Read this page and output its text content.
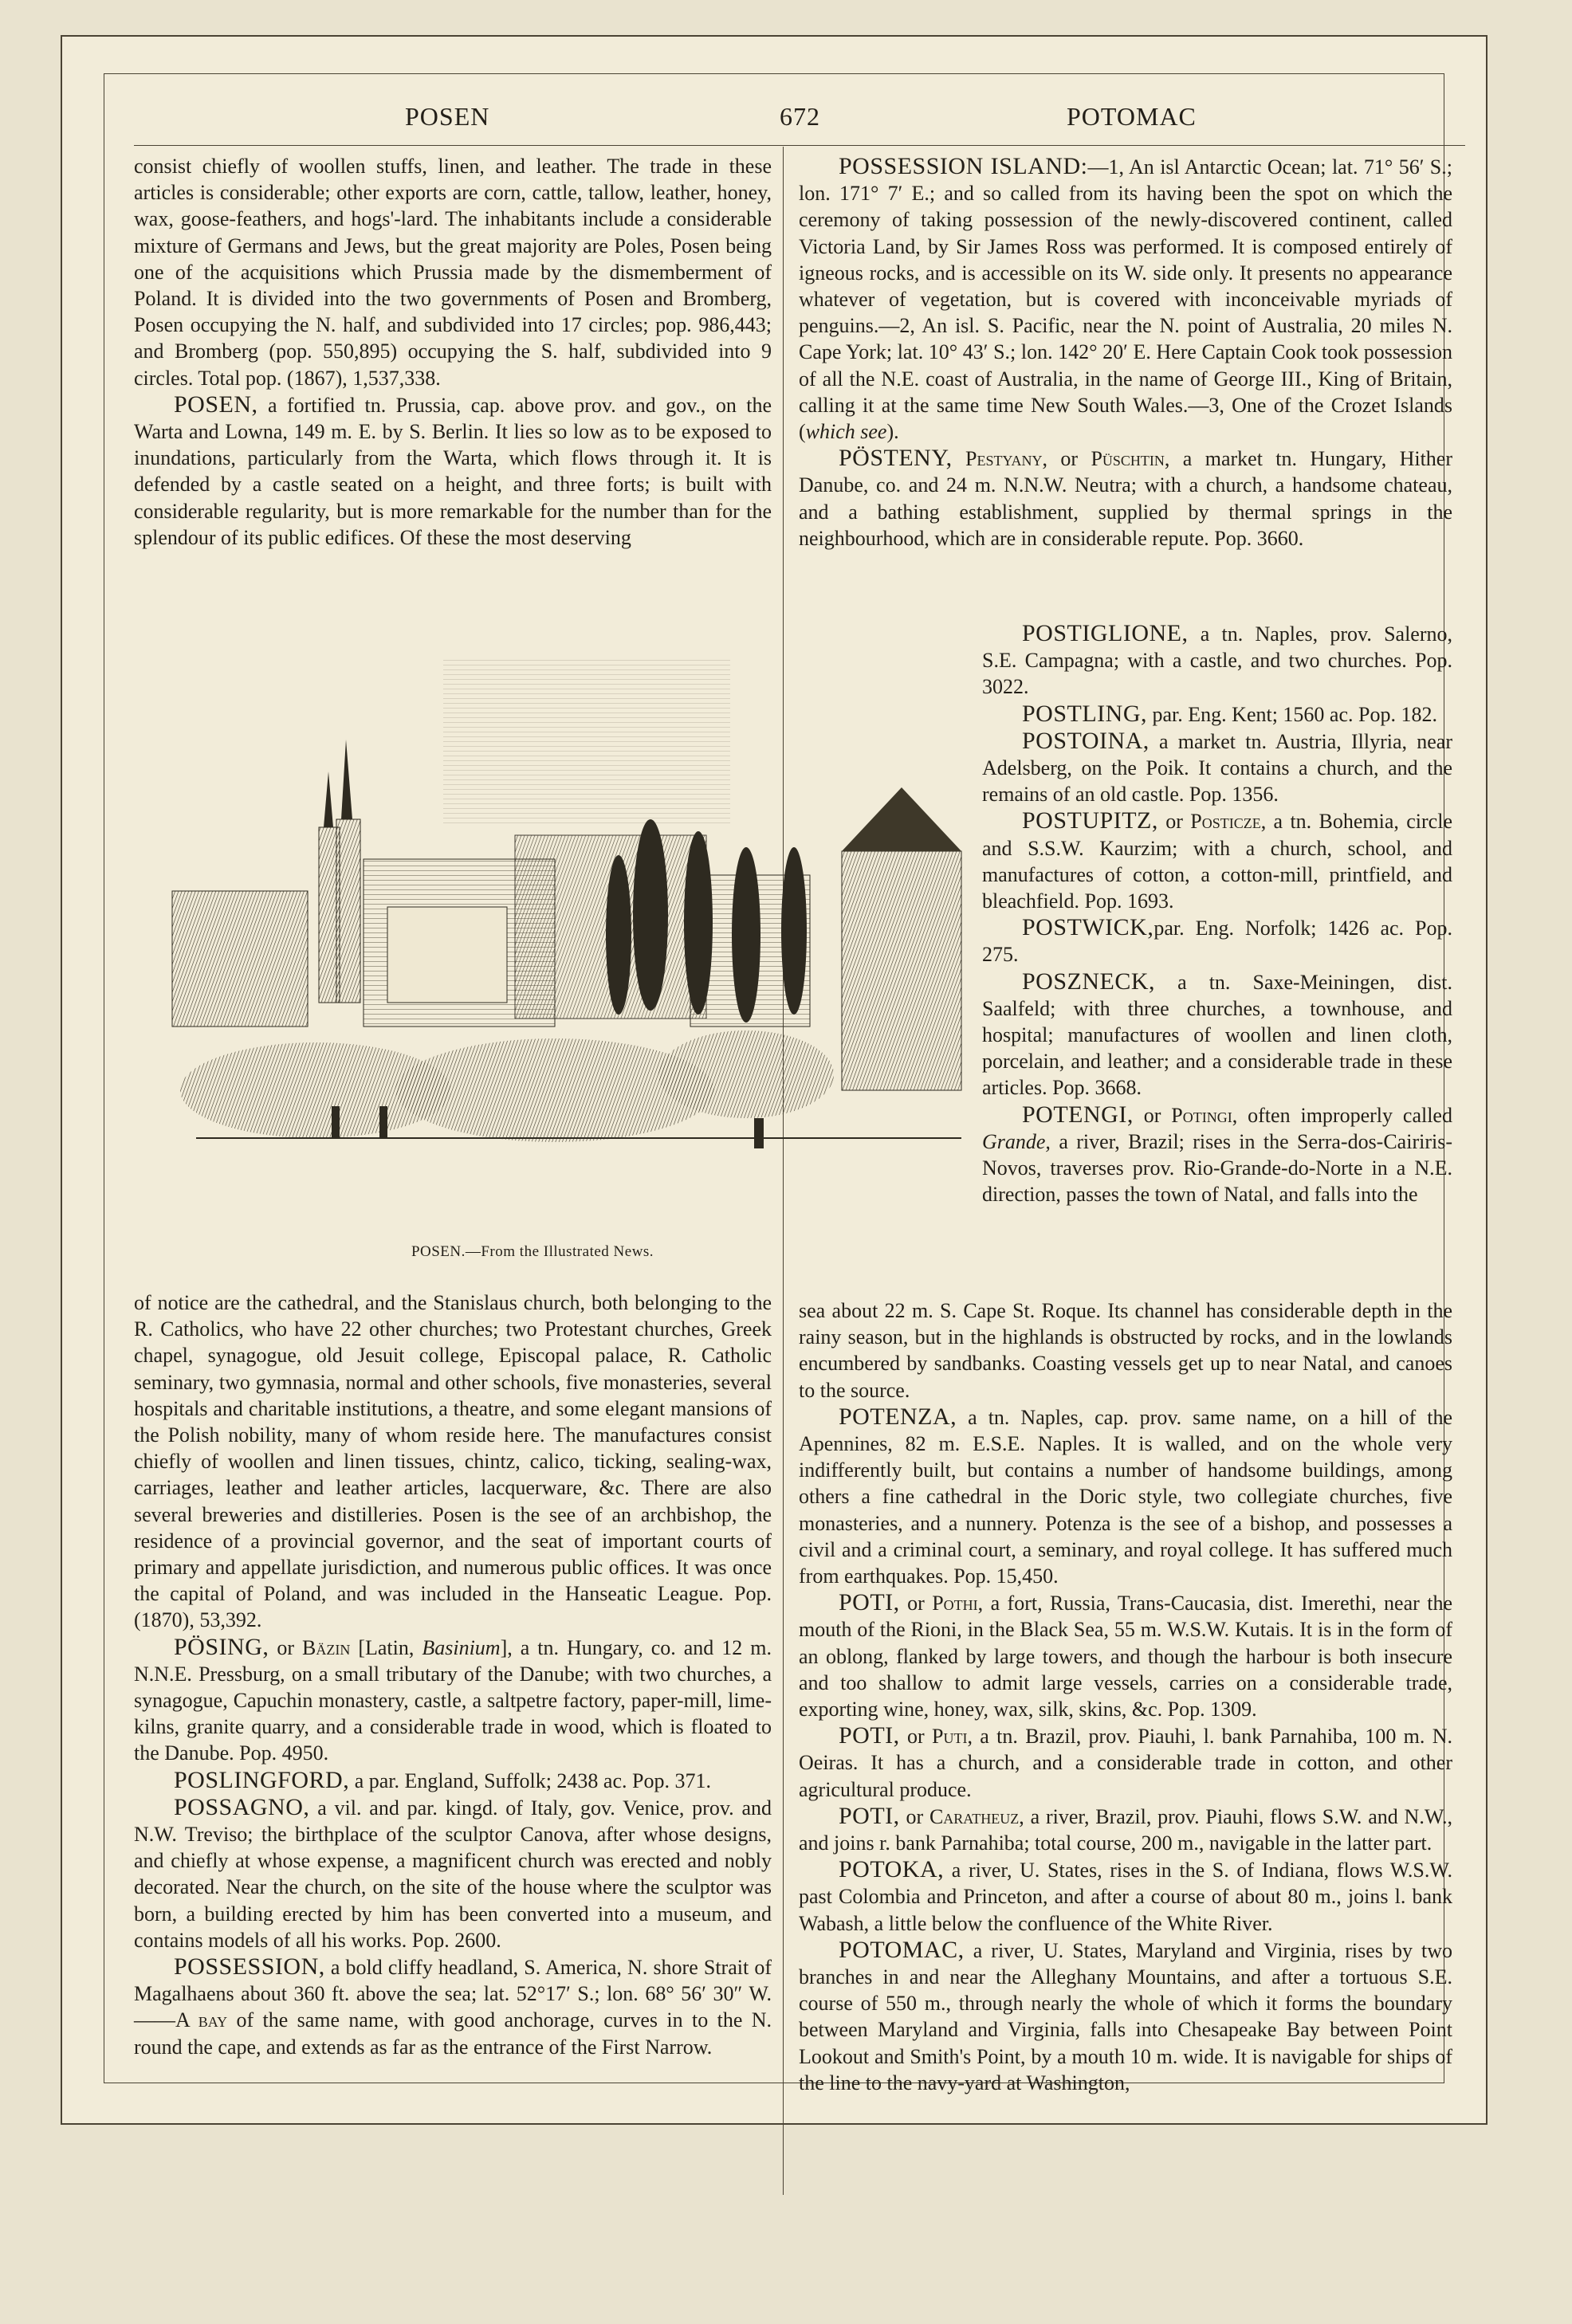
POSEN	672	POTOMAC

consist chiefly of woollen stuffs, linen, and leather. The trade in these articles is considerable; other exports are corn, cattle, tallow, leather, honey, wax, goose-feathers, and hogs'-lard. The inhabitants include a considerable mixture of Germans and Jews, but the great majority are Poles, Posen being one of the acquisitions which Prussia made by the dismemberment of Poland. It is divided into the two governments of Posen and Bromberg, Posen occupying the N. half, and subdivided into 17 circles; pop. 986,443; and Bromberg (pop. 550,895) occupying the S. half, subdivided into 9 circles. Total pop. (1867), 1,537,338.

POSEN, a fortified tn. Prussia, cap. above prov. and gov., on the Warta and Lowna, 149 m. E. by S. Berlin. It lies so low as to be exposed to inundations, particularly from the Warta, which flows through it. It is defended by a castle seated on a height, and three forts; is built with considerable regularity, but is more remarkable for the number than for the splendour of its public edifices. Of these the most deserving

POSEN.—From the Illustrated News.

of notice are the cathedral, and the Stanislaus church, both belonging to the R. Catholics, who have 22 other churches; two Protestant churches, Greek chapel, synagogue, old Jesuit college, Episcopal palace, R. Catholic seminary, two gymnasia, normal and other schools, five monasteries, several hospitals and charitable institutions, a theatre, and some elegant mansions of the Polish nobility, many of whom reside here. The manufactures consist chiefly of woollen and linen tissues, chintz, calico, ticking, sealing-wax, carriages, leather and leather articles, lacquerware, &c. There are also several breweries and distilleries. Posen is the see of an archbishop, the residence of a provincial governor, and the seat of important courts of primary and appellate jurisdiction, and numerous public offices. It was once the capital of Poland, and was included in the Hanseatic League. Pop. (1870), 53,392.

PÖSING, or Bäzin [Latin, Basinium], a tn. Hungary, co. and 12 m. N.N.E. Pressburg, on a small tributary of the Danube; with two churches, a synagogue, Capuchin monastery, castle, a saltpetre factory, paper-mill, lime-kilns, granite quarry, and a considerable trade in wood, which is floated to the Danube. Pop. 4950.

POSLINGFORD, a par. England, Suffolk; 2438 ac. Pop. 371.

POSSAGNO, a vil. and par. kingd. of Italy, gov. Venice, prov. and N.W. Treviso; the birthplace of the sculptor Canova, after whose designs, and chiefly at whose expense, a magnificent church was erected and nobly decorated. Near the church, on the site of the house where the sculptor was born, a building erected by him has been converted into a museum, and contains models of all his works. Pop. 2600.

POSSESSION, a bold cliffy headland, S. America, N. shore Strait of Magalhaens about 360 ft. above the sea; lat. 52°17′ S.; lon. 68° 56′ 30″ W.——A bay of the same name, with good anchorage, curves in to the N. round the cape, and extends as far as the entrance of the First Narrow.

POSSESSION ISLAND:—1, An isl Antarctic Ocean; lat. 71° 56′ S.; lon. 171° 7′ E.; and so called from its having been the spot on which the ceremony of taking possession of the newly-discovered continent, called Victoria Land, by Sir James Ross was performed. It is composed entirely of igneous rocks, and is accessible on its W. side only. It presents no appearance whatever of vegetation, but is covered with inconceivable myriads of penguins.—2, An isl. S. Pacific, near the N. point of Australia, 20 miles N. Cape York; lat. 10° 43′ S.; lon. 142° 20′ E. Here Captain Cook took possession of all the N.E. coast of Australia, in the name of George III., King of Britain, calling it at the same time New South Wales.—3, One of the Crozet Islands (which see).

PÖSTENY, Pestyany, or Püschtin, a market tn. Hungary, Hither Danube, co. and 24 m. N.N.W. Neutra; with a church, a handsome chateau, and a bathing establishment, supplied by thermal springs in the neighbourhood, which are in considerable repute. Pop. 3660.

POSTIGLIONE, a tn. Naples, prov. Salerno, S.E. Campagna; with a castle, and two churches. Pop. 3022.

POSTLING, par. Eng. Kent; 1560 ac. Pop. 182.

POSTOINA, a market tn. Austria, Illyria, near Adelsberg, on the Poik. It contains a church, and the remains of an old castle. Pop. 1356.

POSTUPITZ, or Posticze, a tn. Bohemia, circle and S.S.W. Kaurzim; with a church, school, and manufactures of cotton, a cotton-mill, printfield, and bleachfield. Pop. 1693.

POSTWICK,par. Eng. Norfolk; 1426 ac. Pop. 275.

POSZNECK, a tn. Saxe-Meiningen, dist. Saalfeld; with three churches, a townhouse, and hospital; manufactures of woollen and linen cloth, porcelain, and leather; and a considerable trade in these articles. Pop. 3668.

POTENGI, or Potingi, often improperly called Grande, a river, Brazil; rises in the Serra-dos-Cairiris-Novos, traverses prov. Rio-Grande-do-Norte in a N.E. direction, passes the town of Natal, and falls into the

sea about 22 m. S. Cape St. Roque. Its channel has considerable depth in the rainy season, but in the highlands is obstructed by rocks, and in the lowlands encumbered by sandbanks. Coasting vessels get up to near Natal, and canoes to the source.

POTENZA, a tn. Naples, cap. prov. same name, on a hill of the Apennines, 82 m. E.S.E. Naples. It is walled, and on the whole very indifferently built, but contains a number of handsome buildings, among others a fine cathedral in the Doric style, two collegiate churches, five monasteries, and a nunnery. Potenza is the see of a bishop, and possesses a civil and a criminal court, a seminary, and royal college. It has suffered much from earthquakes. Pop. 15,450.

POTI, or Pothi, a fort, Russia, Trans-Caucasia, dist. Imerethi, near the mouth of the Rioni, in the Black Sea, 55 m. W.S.W. Kutais. It is in the form of an oblong, flanked by large towers, and though the harbour is both insecure and too shallow to admit large vessels, carries on a considerable trade, exporting wine, honey, wax, silk, skins, &c. Pop. 1309.

POTI, or Puti, a tn. Brazil, prov. Piauhi, l. bank Parnahiba, 100 m. N. Oeiras. It has a church, and a considerable trade in cotton, and other agricultural produce.

POTI, or Caratheuz, a river, Brazil, prov. Piauhi, flows S.W. and N.W., and joins r. bank Parnahiba; total course, 200 m., navigable in the latter part.

POTOKA, a river, U. States, rises in the S. of Indiana, flows W.S.W. past Colombia and Princeton, and after a course of about 80 m., joins l. bank Wabash, a little below the confluence of the White River.

POTOMAC, a river, U. States, Maryland and Virginia, rises by two branches in and near the Alleghany Mountains, and after a tortuous S.E. course of 550 m., through nearly the whole of which it forms the boundary between Maryland and Virginia, falls into Chesapeake Bay between Point Lookout and Smith's Point, by a mouth 10 m. wide. It is navigable for ships of the line to the navy-yard at Washington,
